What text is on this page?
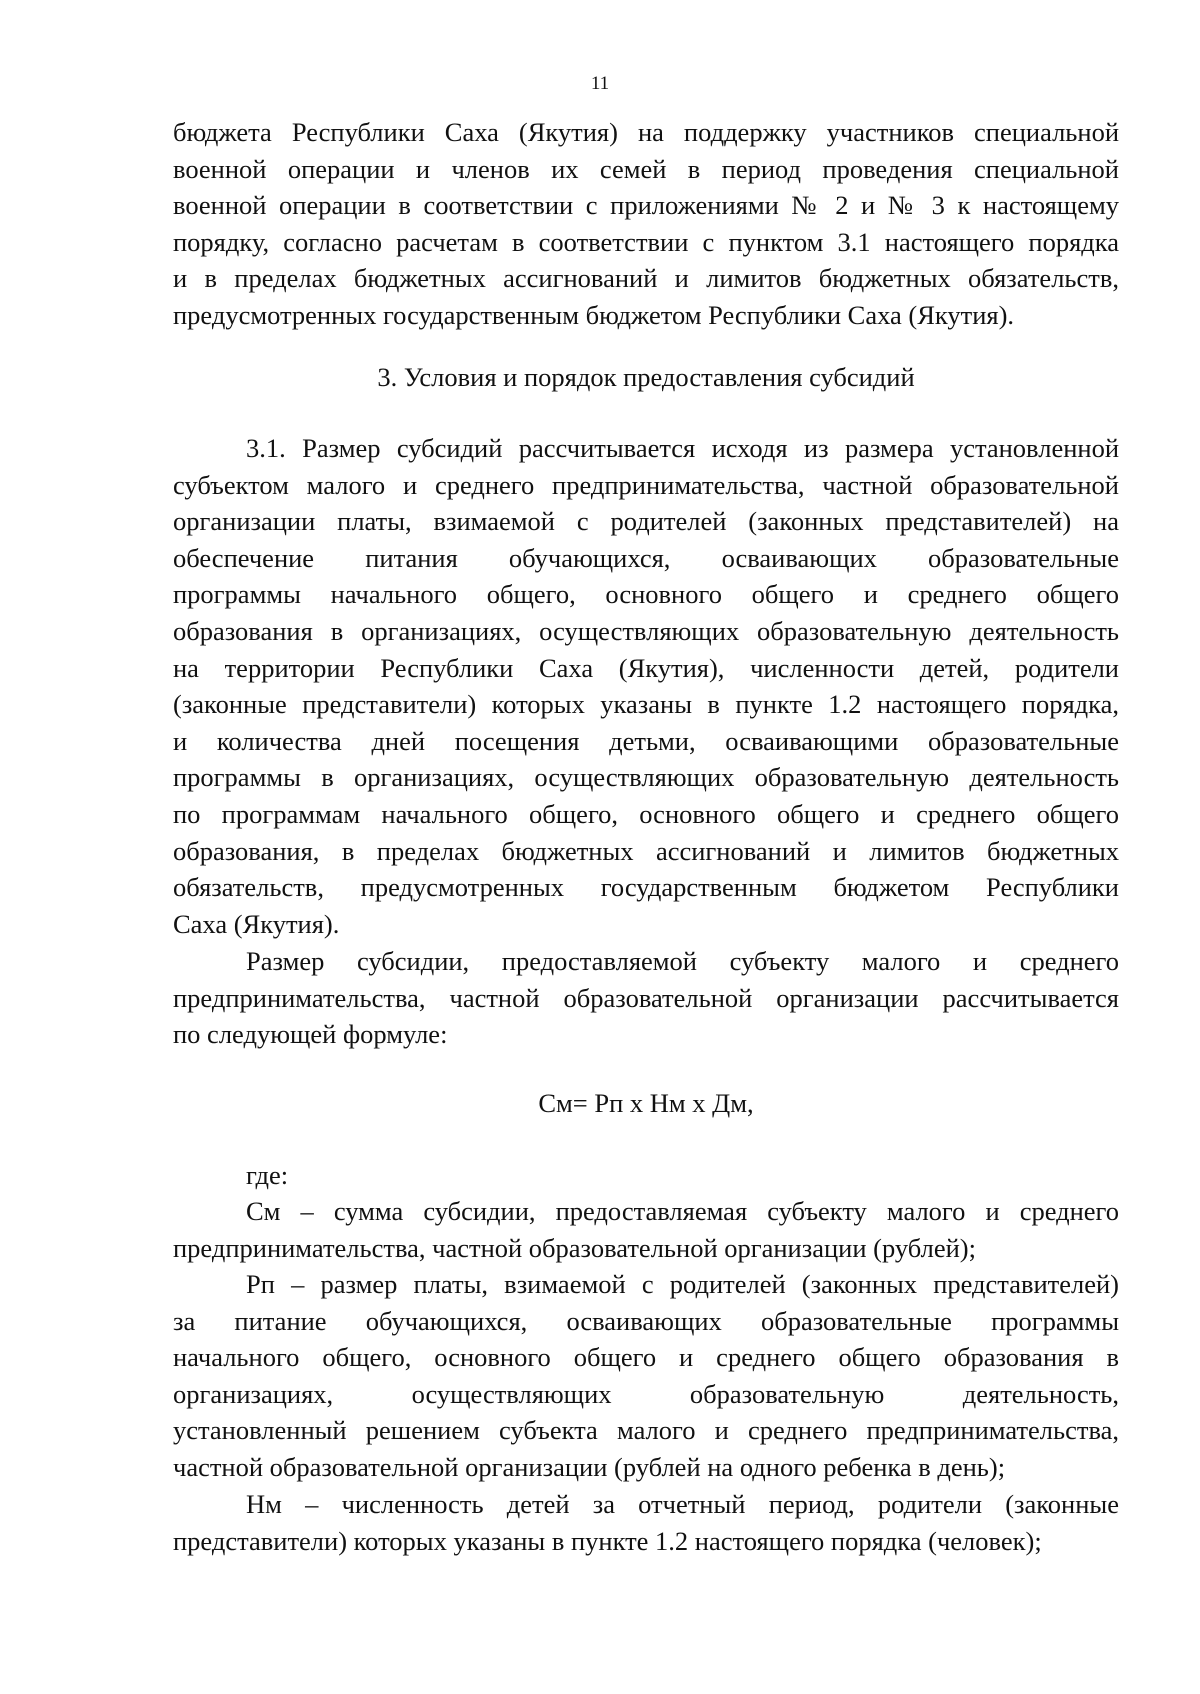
11
бюджета Республики Саха (Якутия) на поддержку участников специальной
военной операции и членов их семей в период проведения специальной
военной операции в соответствии с приложениями № 2 и № 3 к настоящему
порядку, согласно расчетам в соответствии с пунктом 3.1 настоящего порядка
и в пределах бюджетных ассигнований и лимитов бюджетных обязательств,
предусмотренных государственным бюджетом Республики Саха (Якутия).
3. Условия и порядок предоставления субсидий
3.1. Размер субсидий рассчитывается исходя из размера установленной
субъектом малого и среднего предпринимательства, частной образовательной
организации платы, взимаемой с родителей (законных представителей) на
обеспечение питания обучающихся, осваивающих образовательные
программы начального общего, основного общего и среднего общего
образования в организациях, осуществляющих образовательную деятельность
на территории Республики Саха (Якутия), численности детей, родители
(законные представители) которых указаны в пункте 1.2 настоящего порядка,
и количества дней посещения детьми, осваивающими образовательные
программы в организациях, осуществляющих образовательную деятельность
по программам начального общего, основного общего и среднего общего
образования, в пределах бюджетных ассигнований и лимитов бюджетных
обязательств, предусмотренных государственным бюджетом Республики
Саха (Якутия).
Размер субсидии, предоставляемой субъекту малого и среднего
предпринимательства, частной образовательной организации рассчитывается
по следующей формуле:
См= Рп х Нм х Дм,
где:
См – сумма субсидии, предоставляемая субъекту малого и среднего
предпринимательства, частной образовательной организации (рублей);
Рп – размер платы, взимаемой с родителей (законных представителей)
за питание обучающихся, осваивающих образовательные программы
начального общего, основного общего и среднего общего образования в
организациях, осуществляющих образовательную деятельность,
установленный решением субъекта малого и среднего предпринимательства,
частной образовательной организации (рублей на одного ребенка в день);
Нм – численность детей за отчетный период, родители (законные
представители) которых указаны в пункте 1.2 настоящего порядка (человек);
